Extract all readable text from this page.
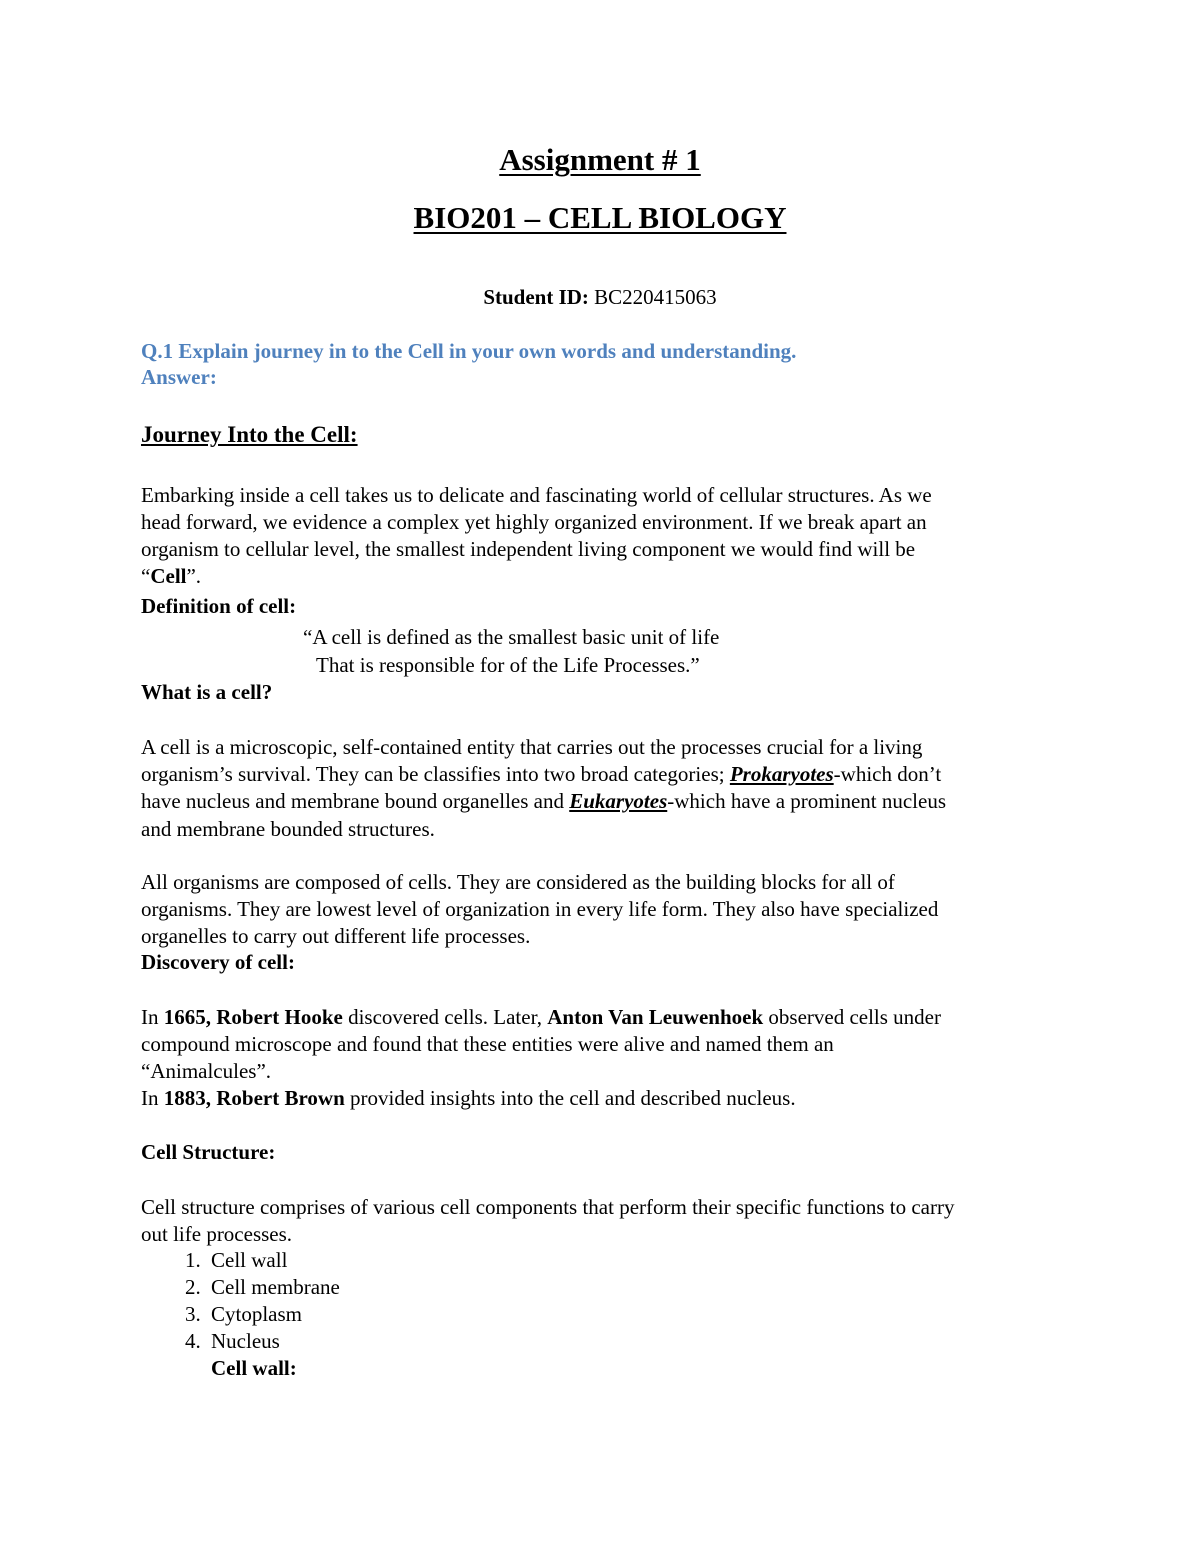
Assignment # 1
BIO201 – CELL BIOLOGY
Student ID: BC220415063
Q.1 Explain journey in to the Cell in your own words and understanding.
Answer:
Journey Into the Cell:
Embarking inside a cell takes us to delicate and fascinating world of cellular structures. As we
head forward, we evidence a complex yet highly organized environment. If we break apart an
organism to cellular level, the smallest independent living component we would find will be
“Cell”.
Definition of cell:
“A cell is defined as the smallest basic unit of life
That is responsible for of the Life Processes.”
What is a cell?
A cell is a microscopic, self-contained entity that carries out the processes crucial for a living
organism’s survival. They can be classifies into two broad categories; Prokaryotes-which don’t
have nucleus and membrane bound organelles and Eukaryotes-which have a prominent nucleus
and membrane bounded structures.
All organisms are composed of cells. They are considered as the building blocks for all of
organisms. They are lowest level of organization in every life form. They also have specialized
organelles to carry out different life processes.
Discovery of cell:
In 1665, Robert Hooke discovered cells. Later, Anton Van Leuwenhoek observed cells under
compound microscope and found that these entities were alive and named them an
“Animalcules”.
In 1883, Robert Brown provided insights into the cell and described nucleus.
Cell Structure:
Cell structure comprises of various cell components that perform their specific functions to carry
out life processes.
1. Cell wall
2. Cell membrane
3. Cytoplasm
4. Nucleus
Cell wall:
